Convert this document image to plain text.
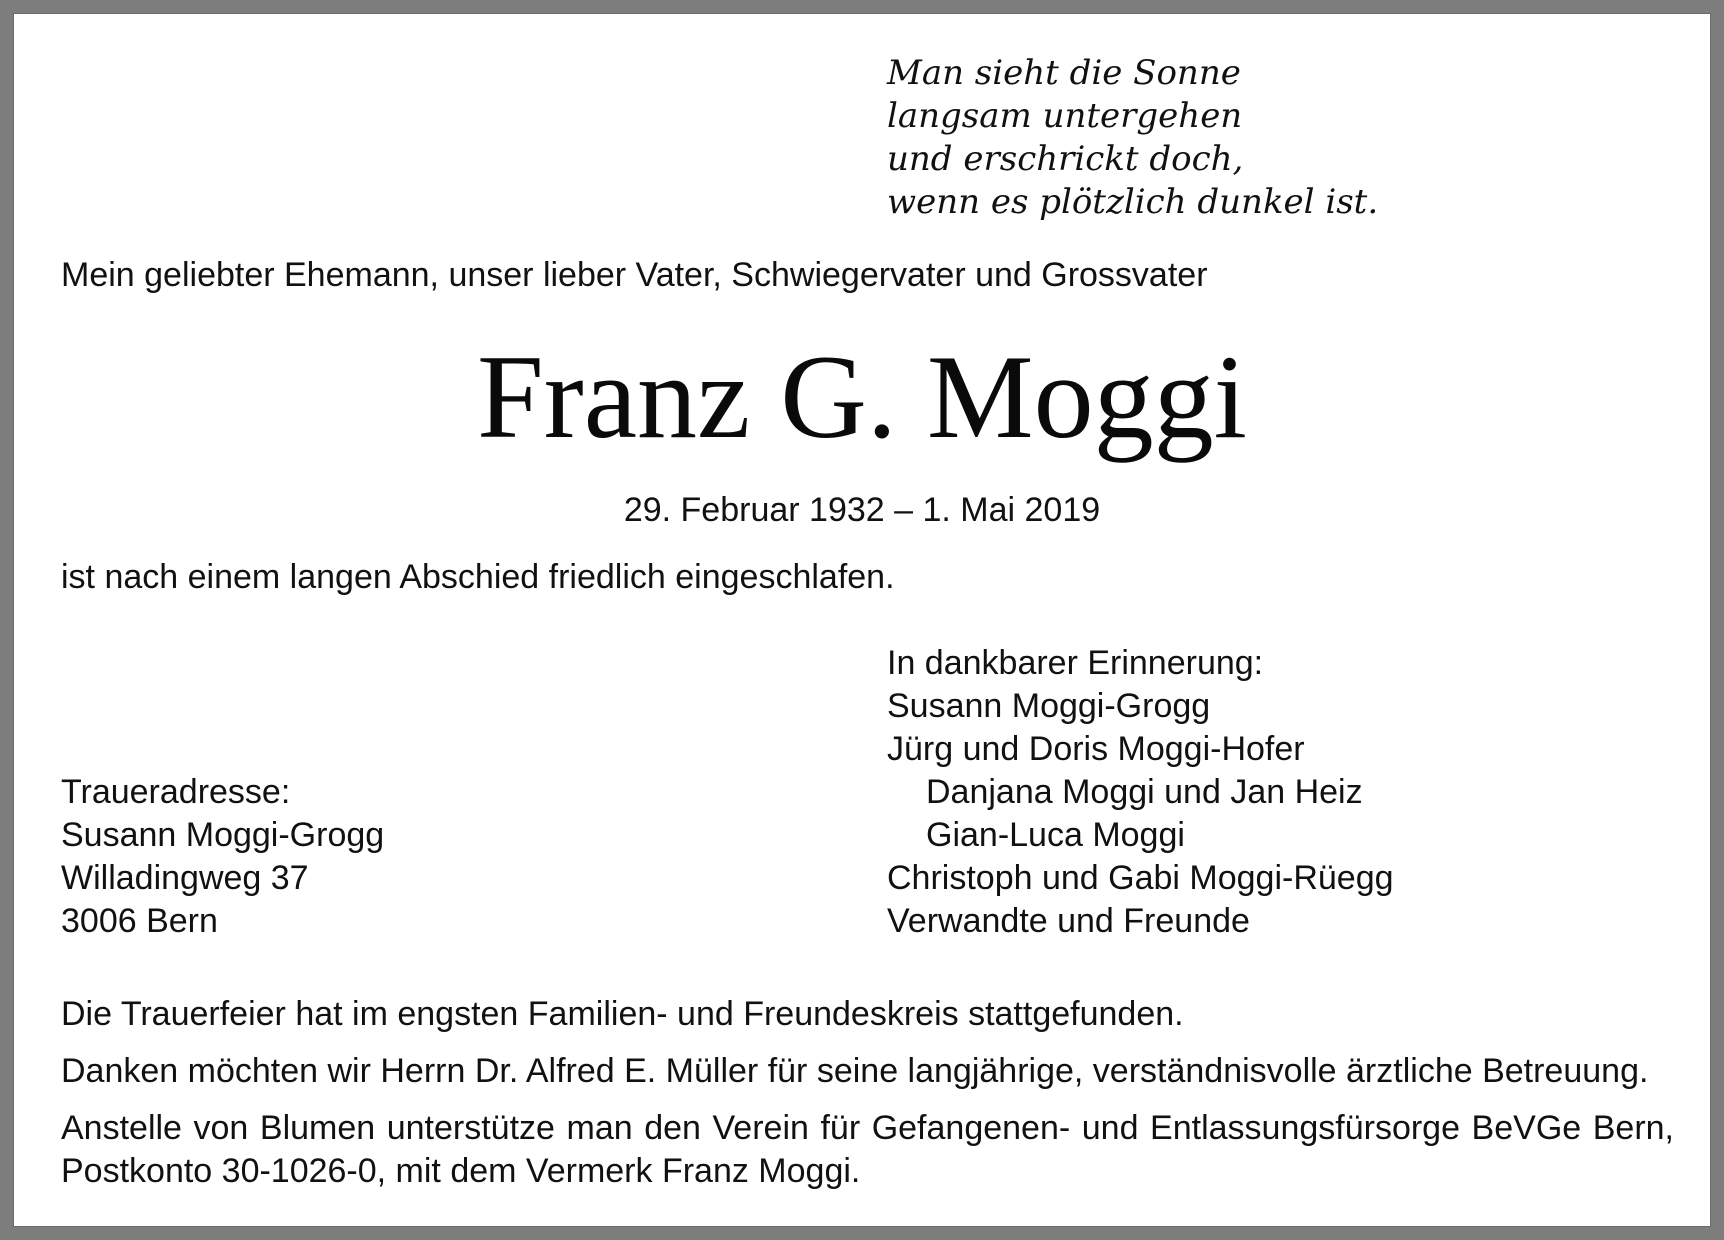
Man sieht die Sonne
langsam untergehen
und erschrickt doch,
wenn es plötzlich dunkel ist.
Mein geliebter Ehemann, unser lieber Vater, Schwiegervater und Grossvater
Franz G. Moggi
29. Februar 1932 – 1. Mai 2019
ist nach einem langen Abschied friedlich eingeschlafen.
In dankbarer Erinnerung:
Susann Moggi-Grogg
Jürg und Doris Moggi-Hofer
Danjana Moggi und Jan Heiz
Gian-Luca Moggi
Christoph und Gabi Moggi-Rüegg
Verwandte und Freunde
Traueradresse:
Susann Moggi-Grogg
Willadingweg 37
3006 Bern
Die Trauerfeier hat im engsten Familien- und Freundeskreis stattgefunden.
Danken möchten wir Herrn Dr. Alfred E. Müller für seine langjährige, verständnisvolle ärztliche Betreuung.
Anstelle von Blumen unterstütze man den Verein für Gefangenen- und Entlassungsfürsorge BeVGe Bern,
Postkonto 30-1026-0, mit dem Vermerk Franz Moggi.
